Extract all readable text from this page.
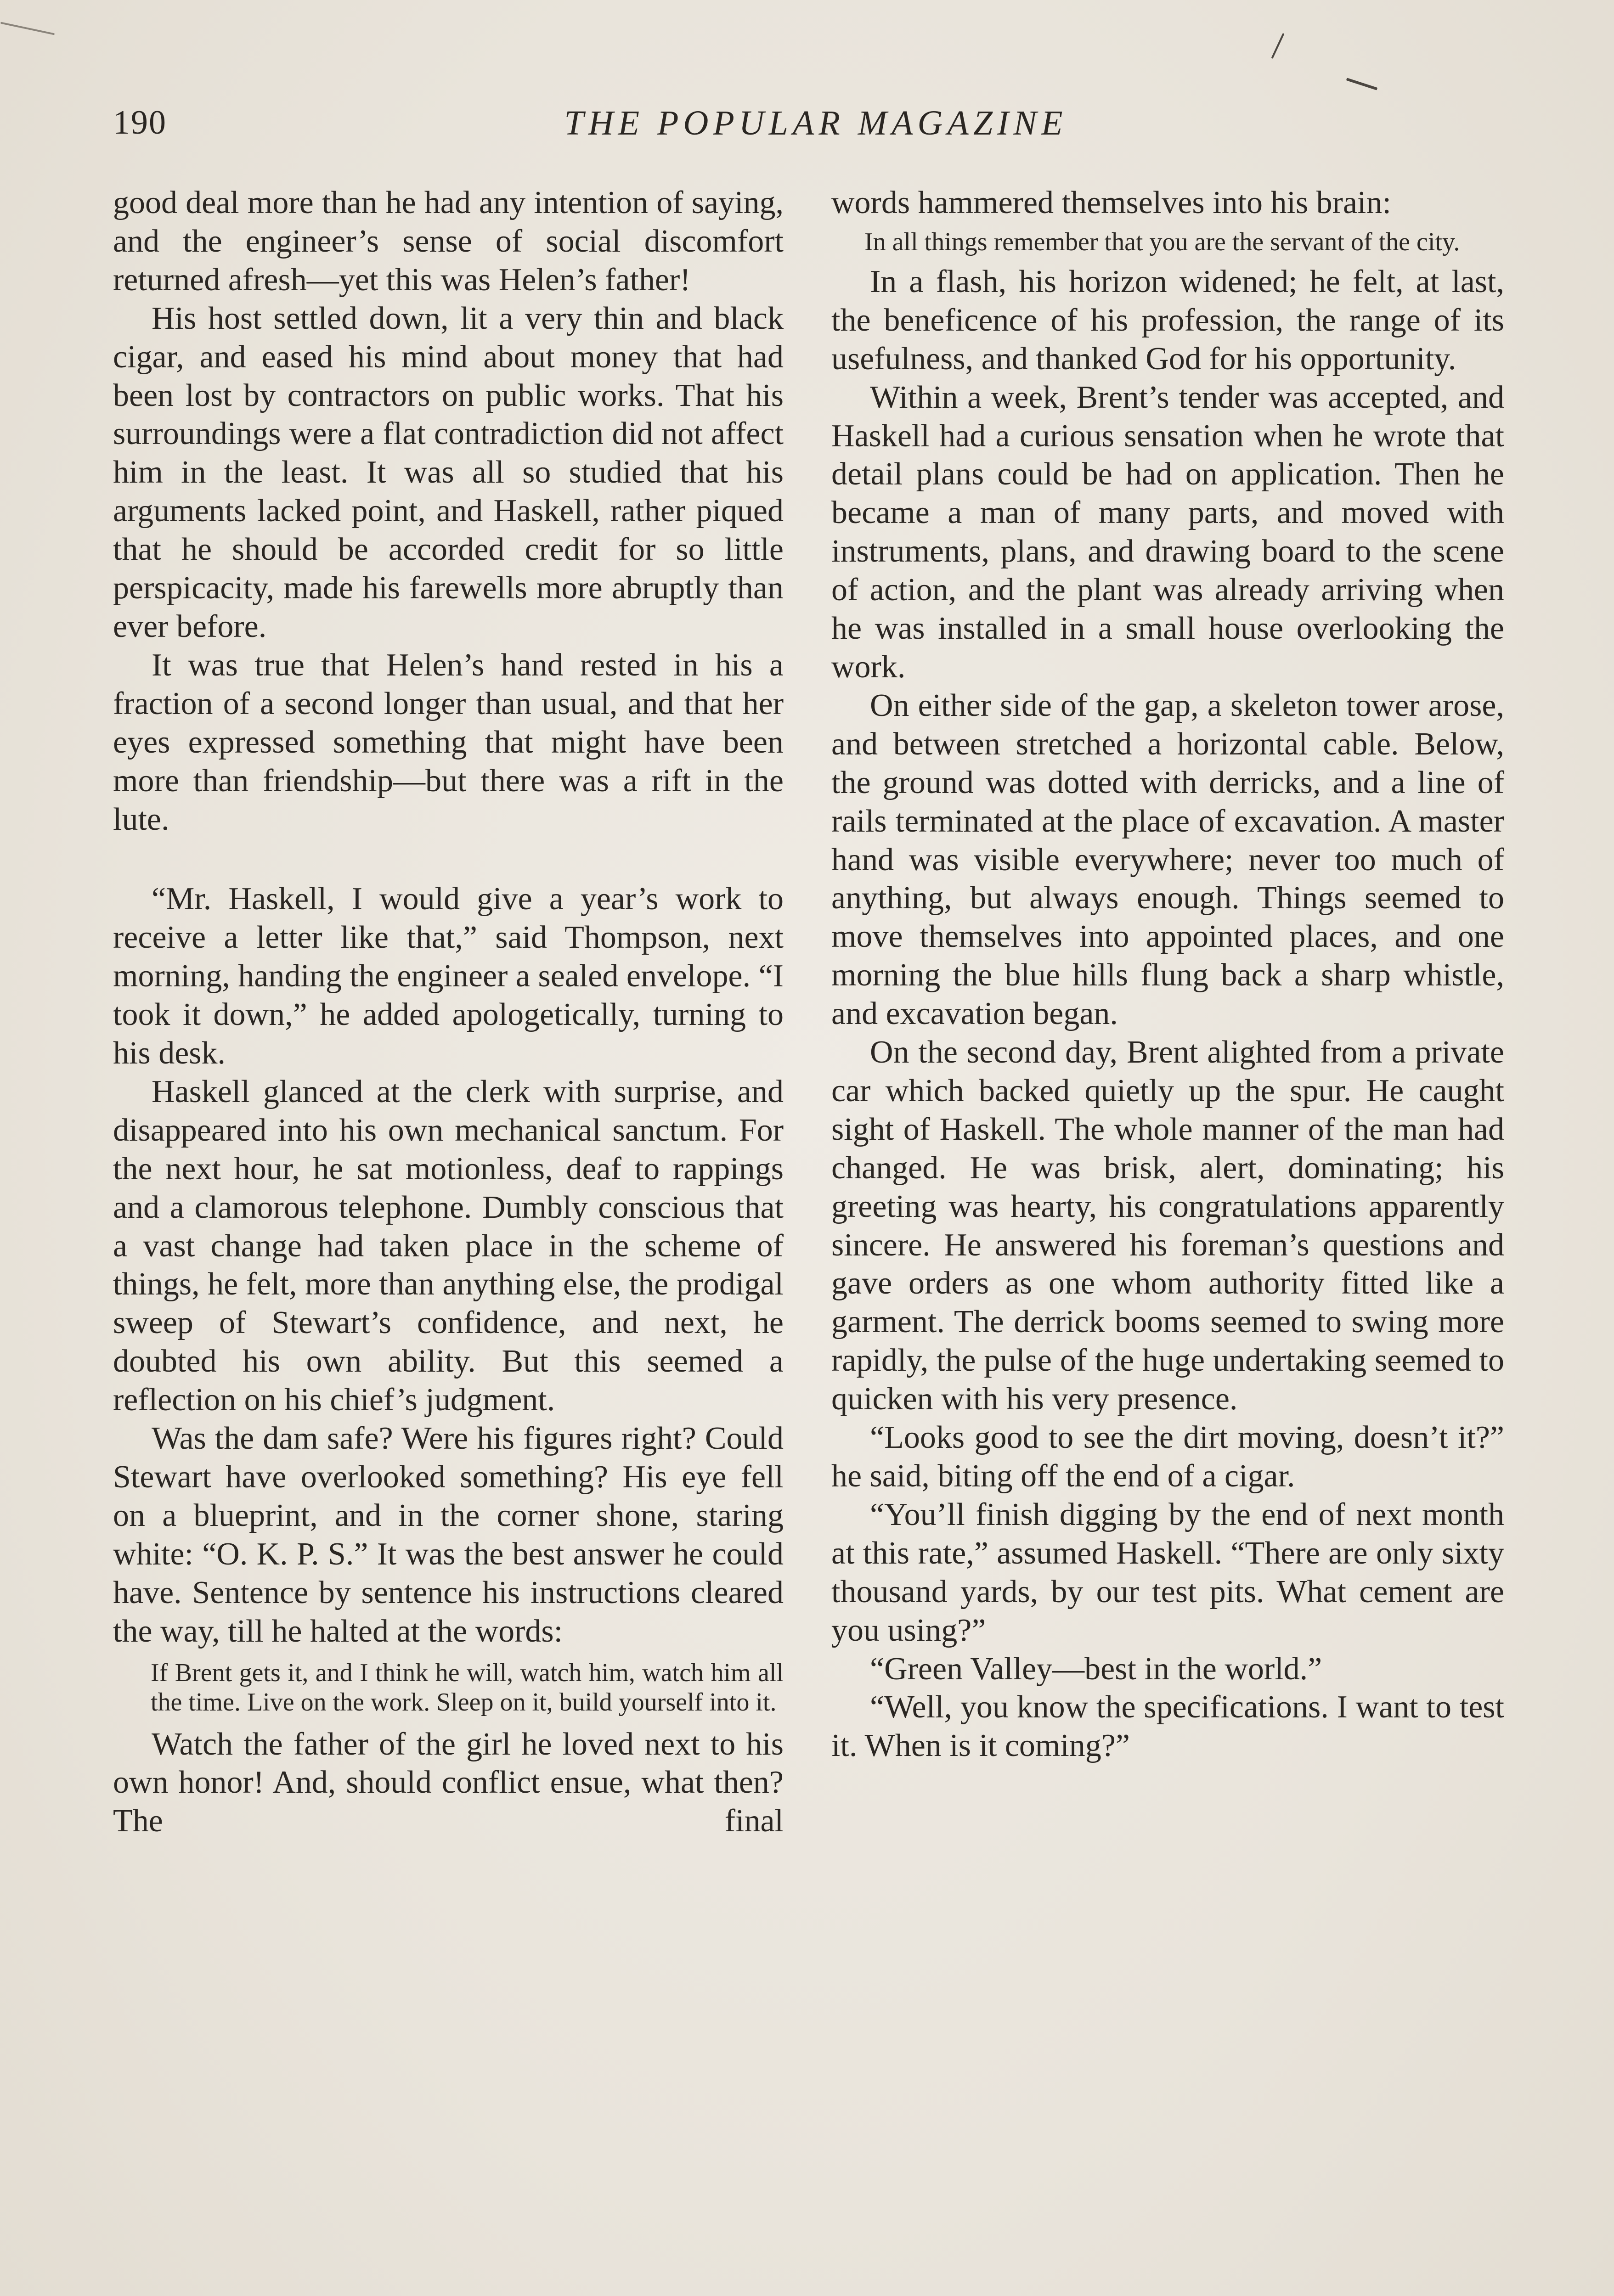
190	THE POPULAR MAGAZINE

good deal more than he had any intention of saying, and the engineer’s sense of social discomfort returned afresh—yet this was Helen’s father!

His host settled down, lit a very thin and black cigar, and eased his mind about money that had been lost by contractors on public works. That his surroundings were a flat contradiction did not affect him in the least. It was all so studied that his arguments lacked point, and Haskell, rather piqued that he should be accorded credit for so little perspicacity, made his farewells more abruptly than ever before.

It was true that Helen’s hand rested in his a fraction of a second longer than usual, and that her eyes expressed something that might have been more than friendship—but there was a rift in the lute.

“Mr. Haskell, I would give a year’s work to receive a letter like that,” said Thompson, next morning, handing the engineer a sealed envelope. “I took it down,” he added apologetically, turning to his desk.

Haskell glanced at the clerk with surprise, and disappeared into his own mechanical sanctum. For the next hour, he sat motionless, deaf to rappings and a clamorous telephone. Dumbly conscious that a vast change had taken place in the scheme of things, he felt, more than anything else, the prodigal sweep of Stewart’s confidence, and next, he doubted his own ability. But this seemed a reflection on his chief’s judgment.

Was the dam safe? Were his figures right? Could Stewart have overlooked something? His eye fell on a blueprint, and in the corner shone, staring white: “O. K. P. S.” It was the best answer he could have. Sentence by sentence his instructions cleared the way, till he halted at the words:

If Brent gets it, and I think he will, watch him, watch him all the time. Live on the work. Sleep on it, build yourself into it.

Watch the father of the girl he loved next to his own honor! And, should conflict ensue, what then? The final

words hammered themselves into his brain:

In all things remember that you are the servant of the city.

In a flash, his horizon widened; he felt, at last, the beneficence of his profession, the range of its usefulness, and thanked God for his opportunity.

Within a week, Brent’s tender was accepted, and Haskell had a curious sensation when he wrote that detail plans could be had on application. Then he became a man of many parts, and moved with instruments, plans, and drawing board to the scene of action, and the plant was already arriving when he was installed in a small house overlooking the work.

On either side of the gap, a skeleton tower arose, and between stretched a horizontal cable. Below, the ground was dotted with derricks, and a line of rails terminated at the place of excavation. A master hand was visible everywhere; never too much of anything, but always enough. Things seemed to move themselves into appointed places, and one morning the blue hills flung back a sharp whistle, and excavation began.

On the second day, Brent alighted from a private car which backed quietly up the spur. He caught sight of Haskell. The whole manner of the man had changed. He was brisk, alert, dominating; his greeting was hearty, his congratulations apparently sincere. He answered his foreman’s questions and gave orders as one whom authority fitted like a garment. The derrick booms seemed to swing more rapidly, the pulse of the huge undertaking seemed to quicken with his very presence.

“Looks good to see the dirt moving, doesn’t it?” he said, biting off the end of a cigar.

“You’ll finish digging by the end of next month at this rate,” assumed Haskell. “There are only sixty thousand yards, by our test pits. What cement are you using?”

“Green Valley—best in the world.”

“Well, you know the specifications. I want to test it. When is it coming?”
